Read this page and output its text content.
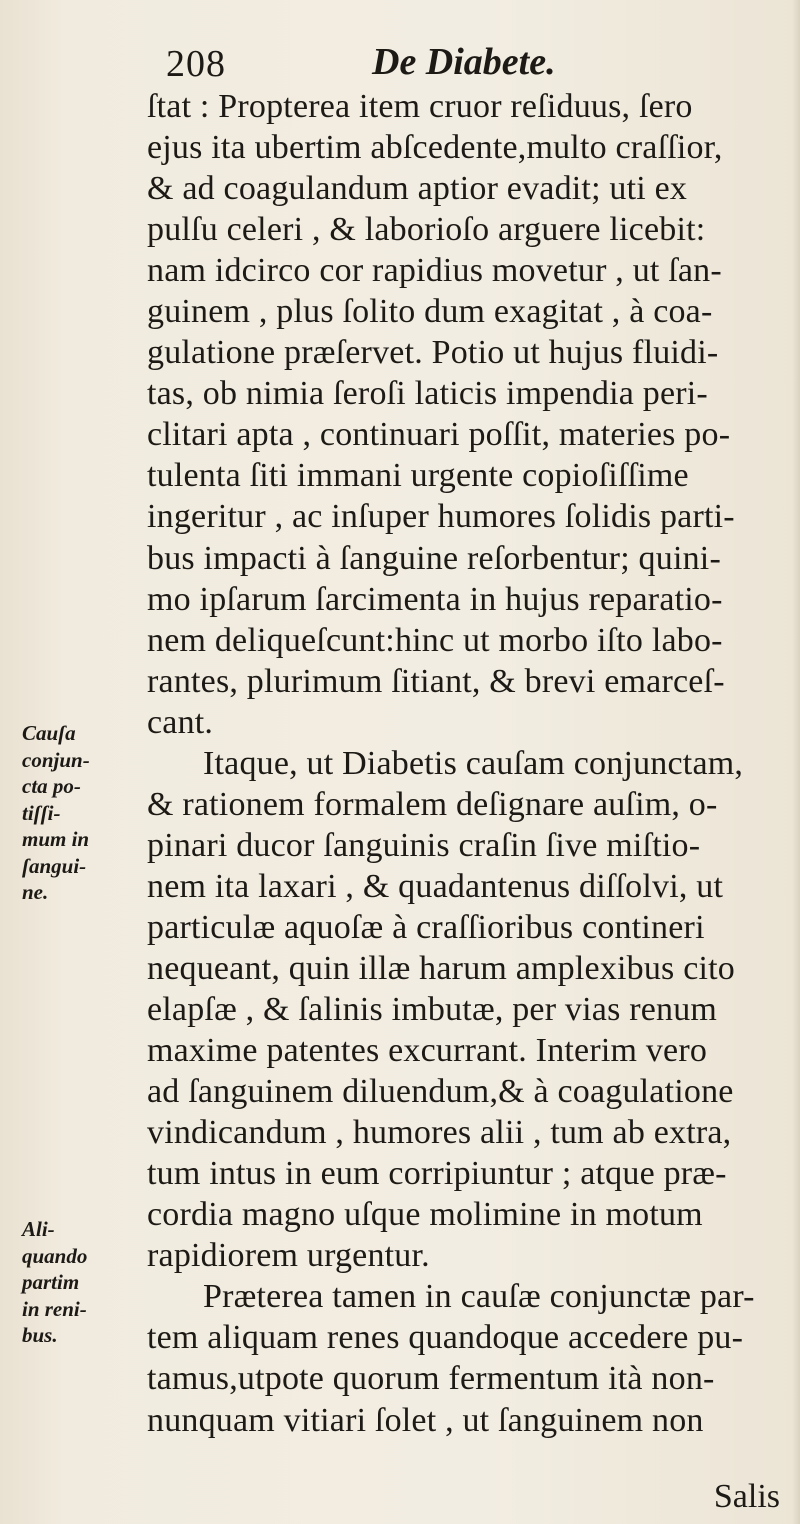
208	De Diabete.
Cauſa
conjun-
cta po-
tiſſi-
mum in
ſangui-
ne.
Ali-
quando
partim
in reni-
bus.
ſtat : Propterea item cruor reſiduus, ſero
ejus ita ubertim abſcedente,multo craſſior,
& ad coagulandum aptior evadit; uti ex
pulſu celeri , & laborioſo arguere licebit:
nam idcirco cor rapidius movetur , ut ſan-
guinem , plus ſolito dum exagitat , à coa-
gulatione præſervet. Potio ut hujus fluidi-
tas, ob nimia ſeroſi laticis impendia peri-
clitari apta , continuari poſſit, materies po-
tulenta ſiti immani urgente copioſiſſime
ingeritur , ac inſuper humores ſolidis parti-
bus impacti à ſanguine reſorbentur; quini-
mo ipſarum ſarcimenta in hujus reparatio-
nem deliqueſcunt:hinc ut morbo iſto labo-
rantes, plurimum ſitiant, & brevi emarceſ-
cant.
Itaque, ut Diabetis cauſam conjunctam,
& rationem formalem deſignare auſim, o-
pinari ducor ſanguinis craſin ſive miſtio-
nem ita laxari , & quadantenus diſſolvi, ut
particulæ aquoſæ à craſſioribus contineri
nequeant, quin illæ harum amplexibus cito
elapſæ , & ſalinis imbutæ, per vias renum
maxime patentes excurrant. Interim vero
ad ſanguinem diluendum,& à coagulatione
vindicandum , humores alii , tum ab extra,
tum intus in eum corripiuntur ; atque præ-
cordia magno uſque molimine in motum
rapidiorem urgentur.
Præterea tamen in cauſæ conjunctæ par-
tem aliquam renes quandoque accedere pu-
tamus,utpote quorum fermentum ità non-
nunquam vitiari ſolet , ut ſanguinem non
Salis
